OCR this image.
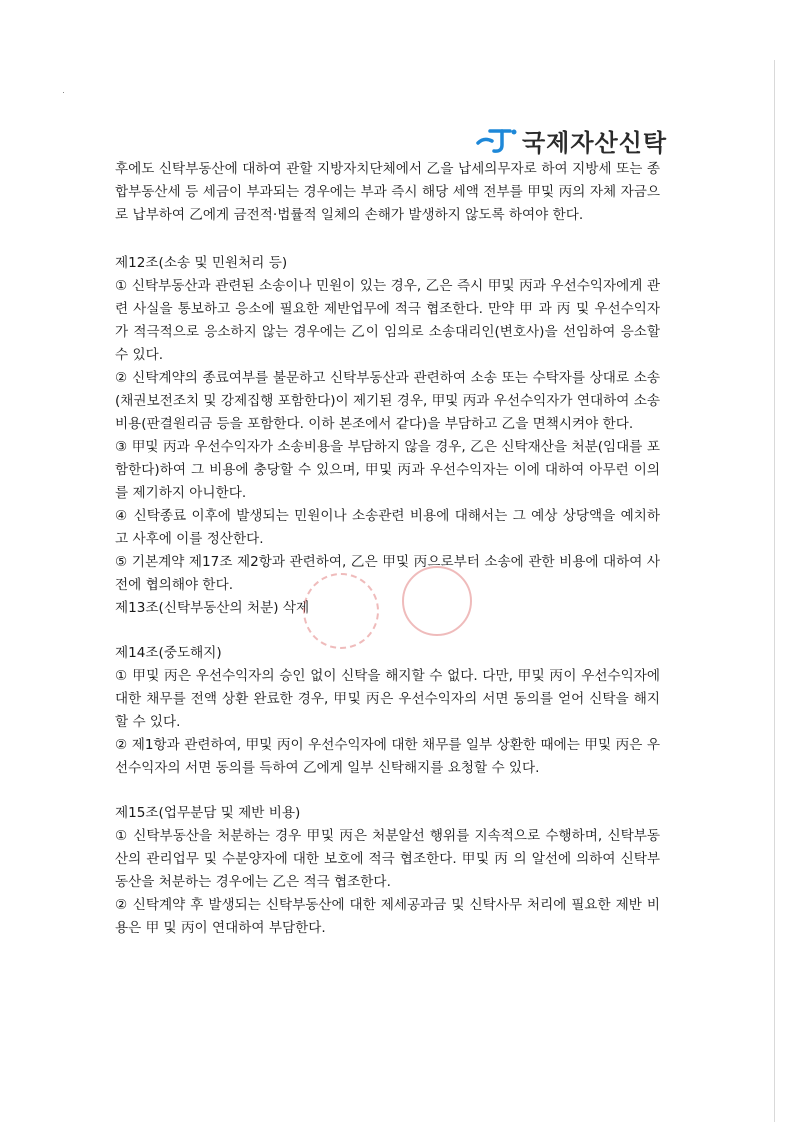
국제자산신탁

후에도 신탁부동산에 대하여 관할 지방자치단체에서 乙을 납세의무자로 하여 지방세 또는 종합부동산세 등 세금이 부과되는 경우에는 부과 즉시 해당 세액 전부를 甲및 丙의 자체 자금으로 납부하여 乙에게 금전적·법률적 일체의 손해가 발생하지 않도록 하여야 한다.

제12조(소송 및 민원처리 등)

① 신탁부동산과 관련된 소송이나 민원이 있는 경우, 乙은 즉시 甲및 丙과 우선수익자에게 관련 사실을 통보하고 응소에 필요한 제반업무에 적극 협조한다. 만약 甲 과 丙 및 우선수익자가 적극적으로 응소하지 않는 경우에는 乙이 임의로 소송대리인(변호사)을 선임하여 응소할 수 있다.

② 신탁계약의 종료여부를 불문하고 신탁부동산과 관련하여 소송 또는 수탁자를 상대로 소송(채권보전조치 및 강제집행 포함한다)이 제기된 경우, 甲및 丙과 우선수익자가 연대하여 소송비용(판결원리금 등을 포함한다. 이하 본조에서 같다)을 부담하고 乙을 면책시켜야 한다.

③ 甲및 丙과 우선수익자가 소송비용을 부담하지 않을 경우, 乙은 신탁재산을 처분(임대를 포함한다)하여 그 비용에 충당할 수 있으며, 甲및 丙과 우선수익자는 이에 대하여 아무런 이의를 제기하지 아니한다.

④ 신탁종료 이후에 발생되는 민원이나 소송관련 비용에 대해서는 그 예상 상당액을 예치하고 사후에 이를 정산한다.

⑤ 기본계약 제17조 제2항과 관련하여, 乙은 甲및 丙으로부터 소송에 관한 비용에 대하여 사전에 협의해야 한다.

제13조(신탁부동산의 처분) 삭제

제14조(중도해지)

① 甲및 丙은 우선수익자의 승인 없이 신탁을 해지할 수 없다. 다만, 甲및 丙이 우선수익자에 대한 채무를 전액 상환 완료한 경우, 甲및 丙은 우선수익자의 서면 동의를 얻어 신탁을 해지할 수 있다.

② 제1항과 관련하여, 甲및 丙이 우선수익자에 대한 채무를 일부 상환한 때에는 甲및 丙은 우선수익자의 서면 동의를 득하여 乙에게 일부 신탁해지를 요청할 수 있다.

제15조(업무분담 및 제반 비용)

① 신탁부동산을 처분하는 경우 甲및 丙은 처분알선 행위를 지속적으로 수행하며, 신탁부동산의 관리업무 및 수분양자에 대한 보호에 적극 협조한다. 甲및 丙 의 알선에 의하여 신탁부동산을 처분하는 경우에는 乙은 적극 협조한다.

② 신탁계약 후 발생되는 신탁부동산에 대한 제세공과금 및 신탁사무 처리에 필요한 제반 비용은 甲 및 丙이 연대하여 부담한다.
